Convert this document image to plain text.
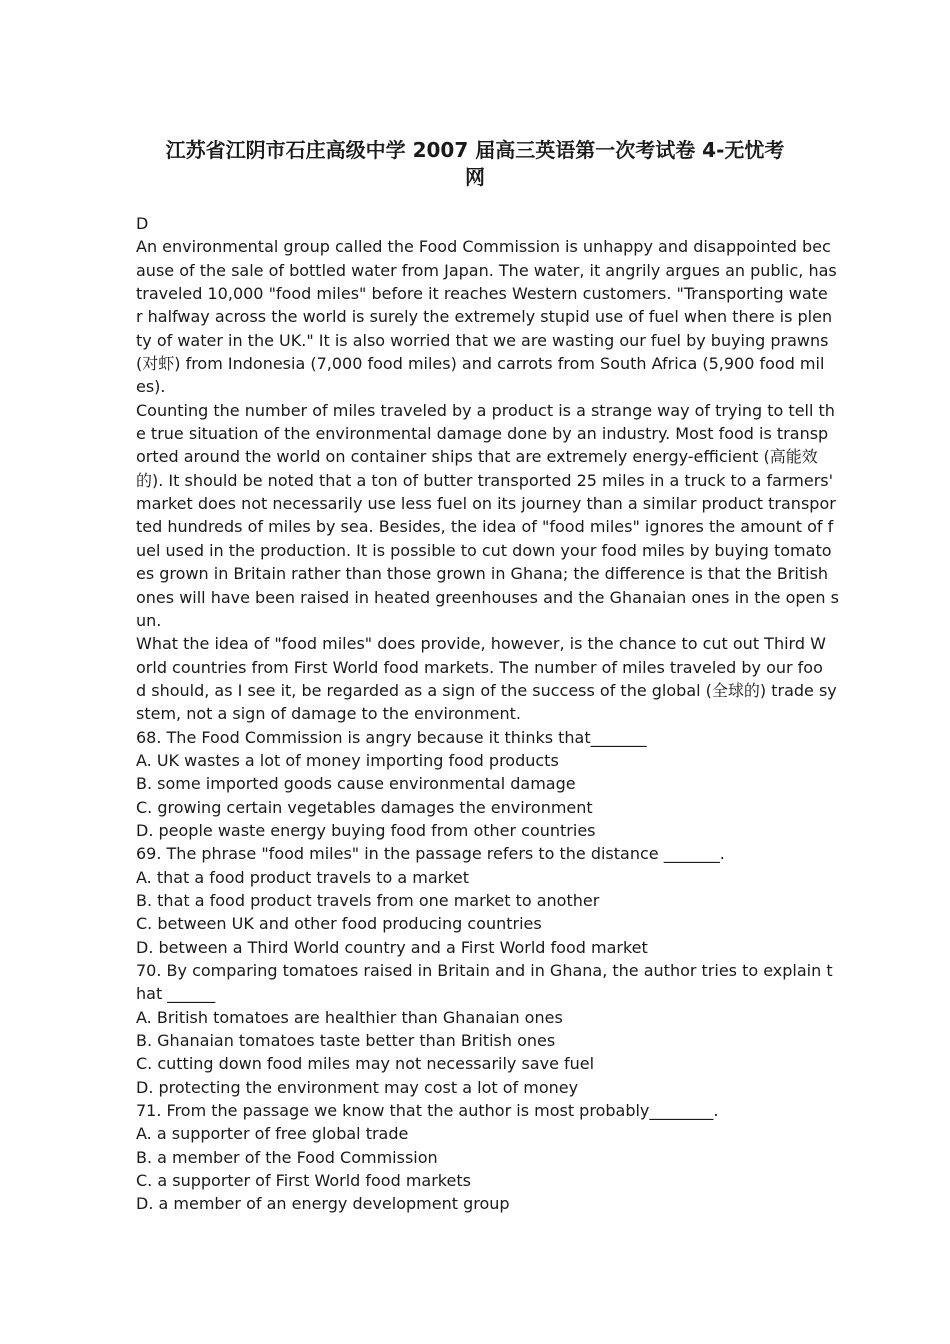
江苏省江阴市石庄高级中学 2007 届高三英语第一次考试卷 4-无忧考
网
D
An environmental group called the Food Commission is unhappy and disappointed bec
ause of the sale of bottled water from Japan. The water, it angrily argues an public, has
traveled 10,000 "food miles" before it reaches Western customers. "Transporting wate
r halfway across the world is surely the extremely stupid use of fuel when there is plen
ty of water in the UK." It is also worried that we are wasting our fuel by buying prawns
(对虾) from Indonesia (7,000 food miles) and carrots from South Africa (5,900 food mil
es).
Counting the number of miles traveled by a product is a strange way of trying to tell th
e true situation of the environmental damage done by an industry. Most food is transp
orted around the world on container ships that are extremely energy-efficient (高能效
的). It should be noted that a ton of butter transported 25 miles in a truck to a farmers'
market does not necessarily use less fuel on its journey than a similar product transpor
ted hundreds of miles by sea. Besides, the idea of "food miles" ignores the amount of f
uel used in the production. It is possible to cut down your food miles by buying tomato
es grown in Britain rather than those grown in Ghana; the difference is that the British
ones will have been raised in heated greenhouses and the Ghanaian ones in the open s
un.
What the idea of "food miles" does provide, however, is the chance to cut out Third W
orld countries from First World food markets. The number of miles traveled by our foo
d should, as I see it, be regarded as a sign of the success of the global (全球的) trade sy
stem, not a sign of damage to the environment.
68. The Food Commission is angry because it thinks that_______
A. UK wastes a lot of money importing food products
B. some imported goods cause environmental damage
C. growing certain vegetables damages the environment
D. people waste energy buying food from other countries
69. The phrase "food miles" in the passage refers to the distance _______.
A. that a food product travels to a market
B. that a food product travels from one market to another
C. between UK and other food producing countries
D. between a Third World country and a First World food market
70. By comparing tomatoes raised in Britain and in Ghana, the author tries to explain t
hat ______
A. British tomatoes are healthier than Ghanaian ones
B. Ghanaian tomatoes taste better than British ones
C. cutting down food miles may not necessarily save fuel
D. protecting the environment may cost a lot of money
71. From the passage we know that the author is most probably________.
A. a supporter of free global trade
B. a member of the Food Commission
C. a supporter of First World food markets
D. a member of an energy development group
